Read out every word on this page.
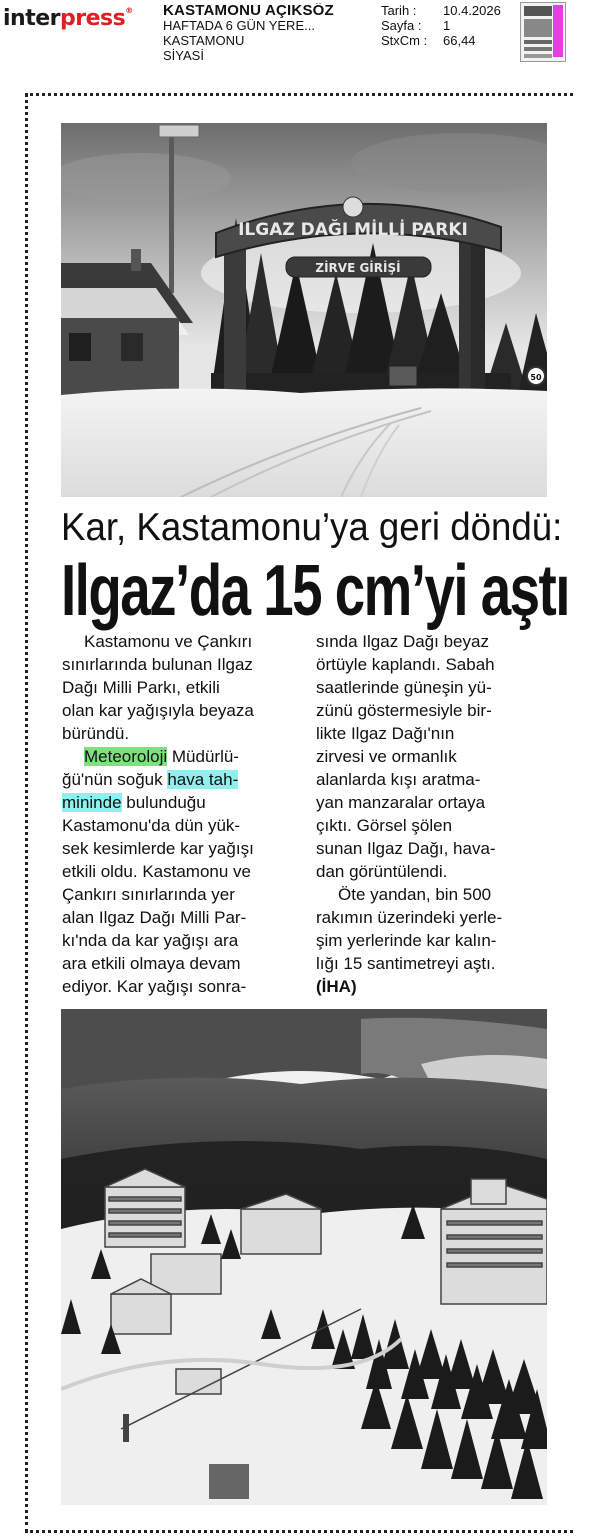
interpress® KASTAMONU AÇIKSÖZ
HAFTADA 6 GÜN YERE...
KASTAMONU
SİYASİ
Tarih :	10.4.2026
Sayfa :	1
StxCm :	66,44
ILGAZ DAĞI MİLLİ PARKI
ZİRVE GİRİŞİ
50
Kar, Kastamonu’ya geri döndü:
Ilgaz’da 15 cm’yi aştı
Kastamonu ve Çankırı
sınırlarında bulunan Ilgaz
Dağı Milli Parkı, etkili
olan kar yağışıyla beyaza
büründü.
Meteoroloji Müdürlü-
ğü'nün soğuk hava tah-
mininde bulunduğu
Kastamonu'da dün yük-
sek kesimlerde kar yağışı
etkili oldu. Kastamonu ve
Çankırı sınırlarında yer
alan Ilgaz Dağı Milli Par-
kı'nda da kar yağışı ara
ara etkili olmaya devam
ediyor. Kar yağışı sonra-
sında Ilgaz Dağı beyaz
örtüyle kaplandı. Sabah
saatlerinde güneşin yü-
zünü göstermesiyle bir-
likte Ilgaz Dağı'nın
zirvesi ve ormanlık
alanlarda kışı aratma-
yan manzaralar ortaya
çıktı. Görsel şölen
sunan Ilgaz Dağı, hava-
dan görüntülendi.
Öte yandan, bin 500
rakımın üzerindeki yerle-
şim yerlerinde kar kalın-
lığı 15 santimetreyi aştı.
(İHA)
